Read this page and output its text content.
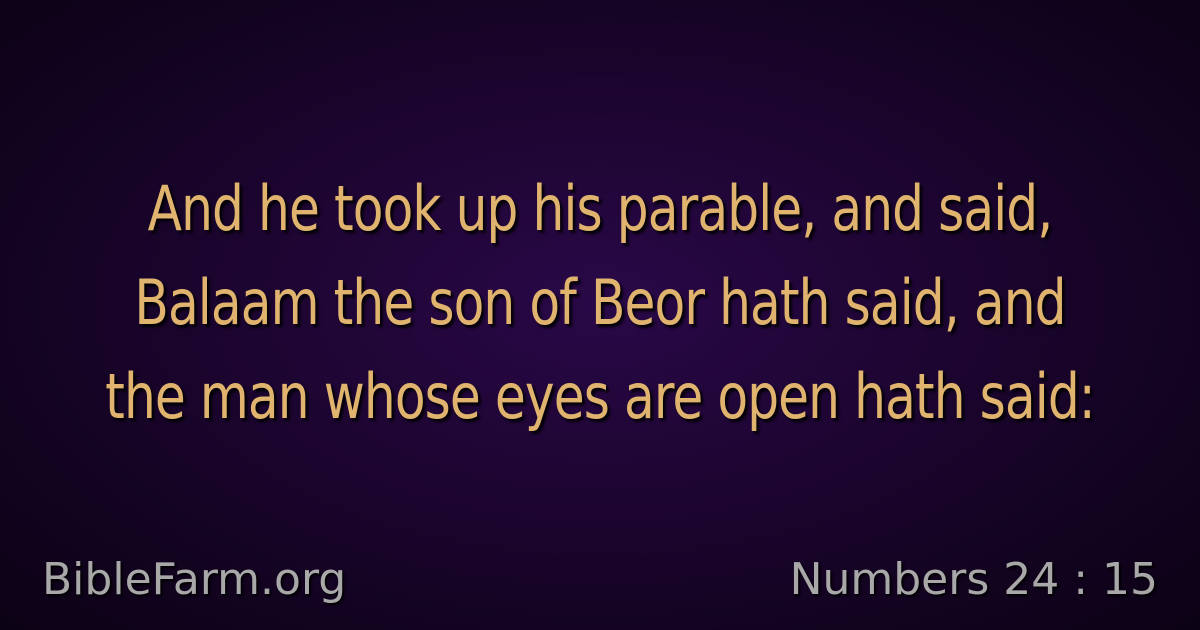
And he took up his parable, and said,
Balaam the son of Beor hath said, and
the man whose eyes are open hath said:

BibleFarm.org	Numbers 24 : 15
